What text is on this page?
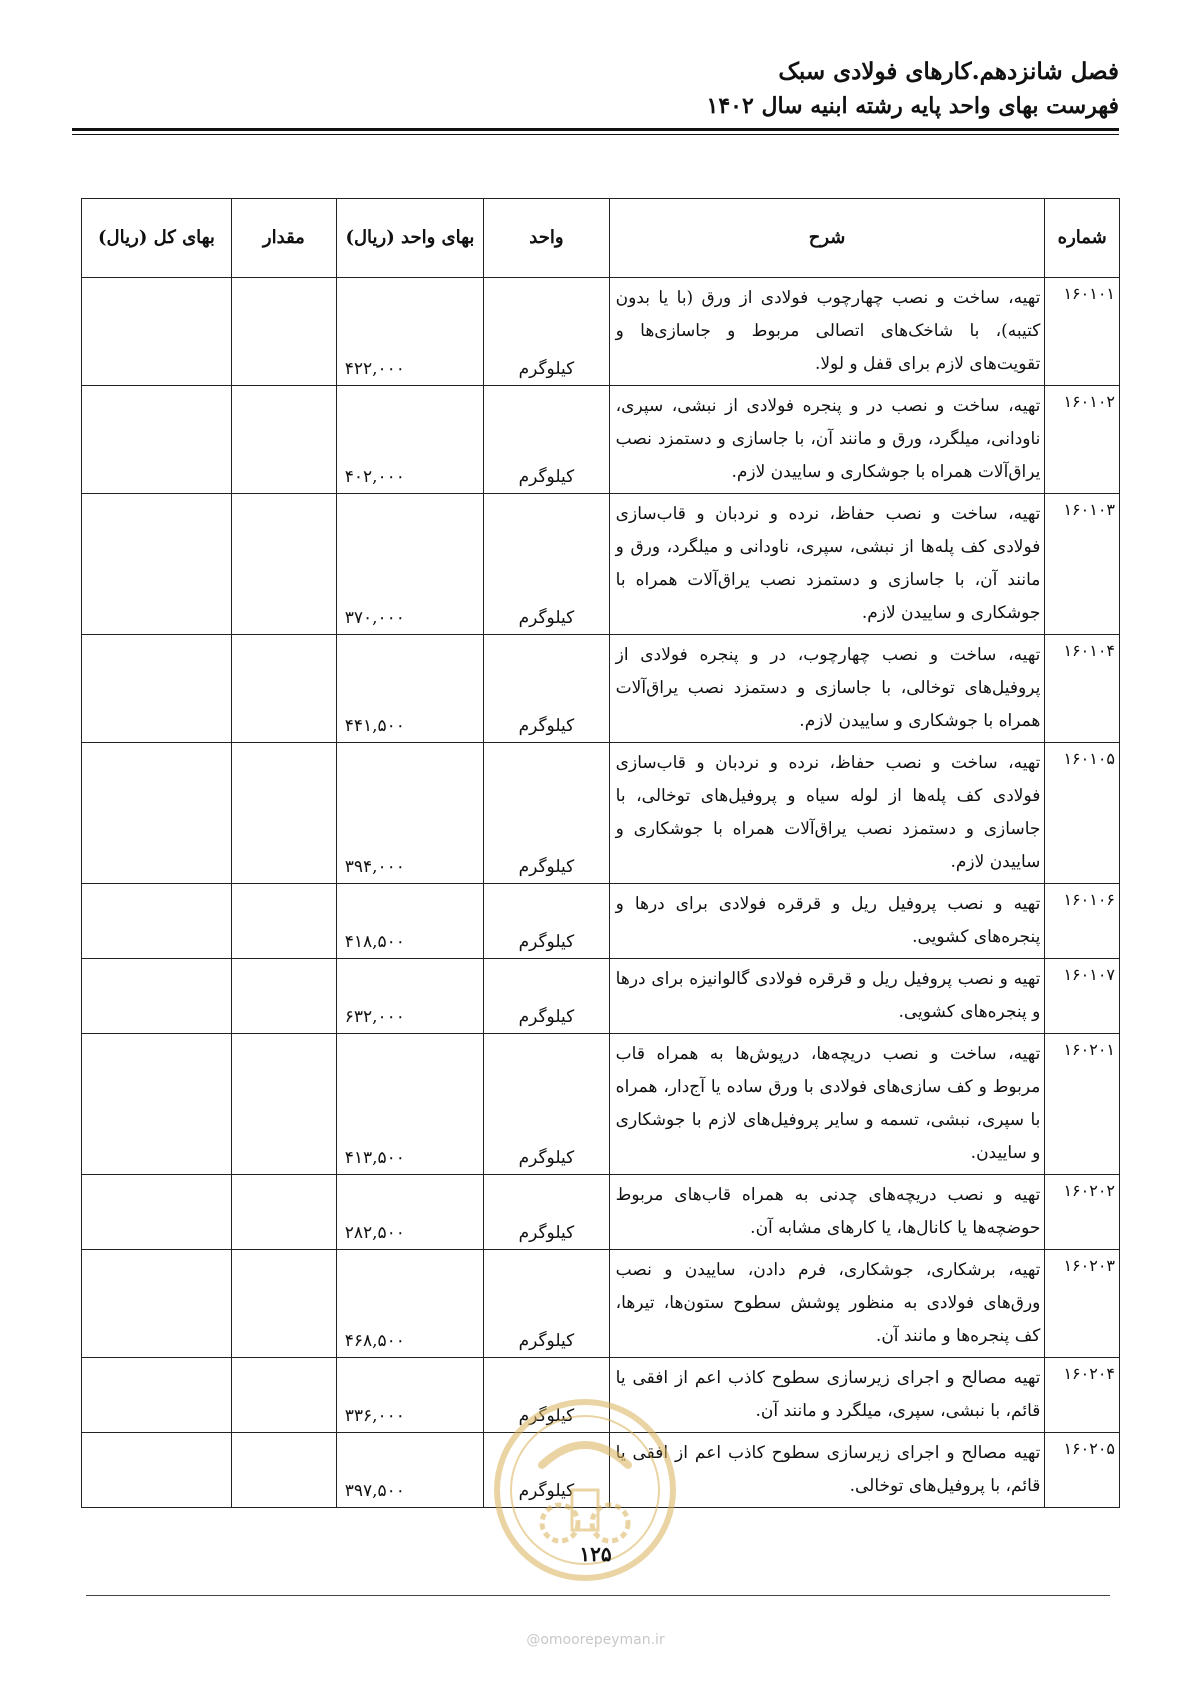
فصل شانزدهم.کارهای فولادی سبک
فهرست بهای واحد پایه رشته ابنیه سال ۱۴۰۲
شماره	شرح	واحد	بهای واحد (ریال)	مقدار	بهای کل (ریال)
۱۶۰۱۰۱	تهیه، ساخت و نصب چهارچوب فولادی از ورق (با یا بدون کتیبه)، با شاخک‌های اتصالی مربوط و جاسازی‌ها و تقویت‌های لازم برای قفل و لولا.	کیلوگرم	۴۲۲,۰۰۰		
۱۶۰۱۰۲	تهیه، ساخت و نصب در و پنجره فولادی از نبشی، سپری، ناودانی، میلگرد، ورق و مانند آن، با جاسازی و دستمزد نصب یراق‌آلات همراه با جوشکاری و ساییدن لازم.	کیلوگرم	۴۰۲,۰۰۰		
۱۶۰۱۰۳	تهیه، ساخت و نصب حفاظ، نرده و نردبان و قاب‌سازی فولادی کف پله‌ها از نبشی، سپری، ناودانی و میلگرد، ورق و مانند آن، با جاسازی و دستمزد نصب یراق‌آلات همراه با جوشکاری و ساییدن لازم.	کیلوگرم	۳۷۰,۰۰۰		
۱۶۰۱۰۴	تهیه، ساخت و نصب چهارچوب، در و پنجره فولادی از پروفیل‌های توخالی، با جاسازی و دستمزد نصب یراق‌آلات همراه با جوشکاری و ساییدن لازم.	کیلوگرم	۴۴۱,۵۰۰		
۱۶۰۱۰۵	تهیه، ساخت و نصب حفاظ، نرده و نردبان و قاب‌سازی فولادی کف پله‌ها از لوله سیاه و پروفیل‌های توخالی، با جاسازی و دستمزد نصب یراق‌آلات همراه با جوشکاری و ساییدن لازم.	کیلوگرم	۳۹۴,۰۰۰		
۱۶۰۱۰۶	تهیه و نصب پروفیل ریل و قرقره فولادی برای درها و پنجره‌های کشویی.	کیلوگرم	۴۱۸,۵۰۰		
۱۶۰۱۰۷	تهیه و نصب پروفیل ریل و قرقره فولادی گالوانیزه برای درها و پنجره‌های کشویی.	کیلوگرم	۶۳۲,۰۰۰		
۱۶۰۲۰۱	تهیه، ساخت و نصب دریچه‌ها، درپوش‌ها به همراه قاب مربوط و کف سازی‌های فولادی با ورق ساده یا آج‌دار، همراه با سپری، نبشی، تسمه و سایر پروفیل‌های لازم با جوشکاری و ساییدن.	کیلوگرم	۴۱۳,۵۰۰		
۱۶۰۲۰۲	تهیه و نصب دریچه‌های چدنی به همراه قاب‌های مربوط حوضچه‌ها یا کانال‌ها، یا کارهای مشابه آن.	کیلوگرم	۲۸۲,۵۰۰		
۱۶۰۲۰۳	تهیه، برشکاری، جوشکاری، فرم دادن، ساییدن و نصب ورق‌های فولادی به منظور پوشش سطوح ستون‌ها، تیرها، کف پنجره‌ها و مانند آن.	کیلوگرم	۴۶۸,۵۰۰		
۱۶۰۲۰۴	تهیه مصالح و اجرای زیرسازی سطوح کاذب اعم از افقی یا قائم، با نبشی، سپری، میلگرد و مانند آن.	کیلوگرم	۳۳۶,۰۰۰		
۱۶۰۲۰۵	تهیه مصالح و اجرای زیرسازی سطوح کاذب اعم از افقی یا قائم، با پروفیل‌های توخالی.	کیلوگرم	۳۹۷,۵۰۰		
۱۲۵
@omoorepeyman.ir
